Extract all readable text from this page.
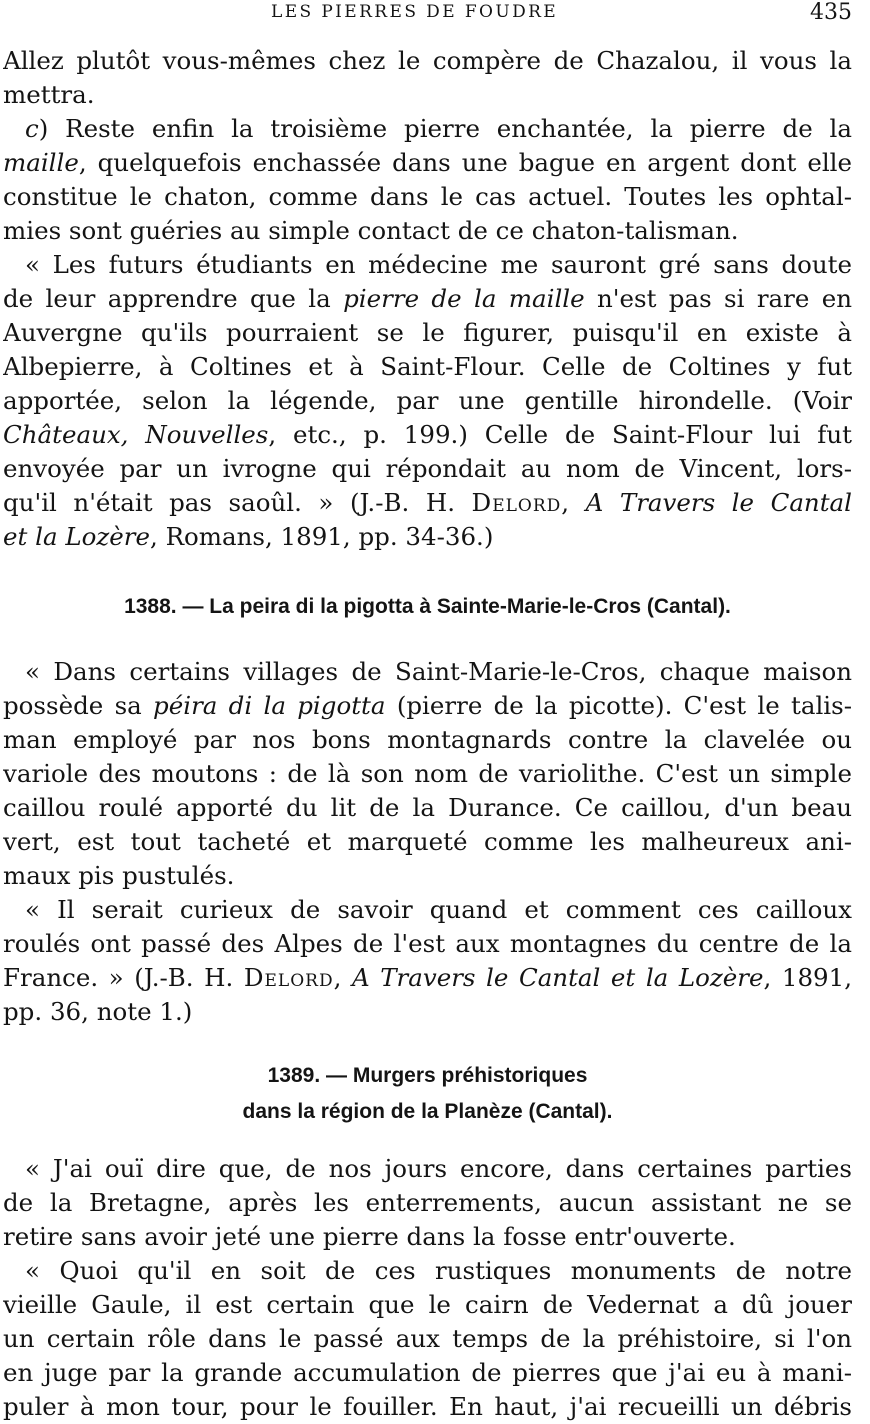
LES PIERRES DE FOUDRE	435
Allez plutôt vous-mêmes chez le compère de Chazalou, il vous la
mettra.
c) Reste enfin la troisième pierre enchantée, la pierre de la
maille, quelquefois enchassée dans une bague en argent dont elle
constitue le chaton, comme dans le cas actuel. Toutes les ophtal-
mies sont guéries au simple contact de ce chaton-talisman.
« Les futurs étudiants en médecine me sauront gré sans doute
de leur apprendre que la pierre de la maille n'est pas si rare en
Auvergne qu'ils pourraient se le figurer, puisqu'il en existe à
Albepierre, à Coltines et à Saint-Flour. Celle de Coltines y fut
apportée, selon la légende, par une gentille hirondelle. (Voir
Châteaux, Nouvelles, etc., p. 199.) Celle de Saint-Flour lui fut
envoyée par un ivrogne qui répondait au nom de Vincent, lors-
qu'il n'était pas saoûl. » (J.-B. H. Delord, A Travers le Cantal
et la Lozère, Romans, 1891, pp. 34-36.)
1388. — La peira di la pigotta à Sainte-Marie-le-Cros (Cantal).
« Dans certains villages de Saint-Marie-le-Cros, chaque maison
possède sa péira di la pigotta (pierre de la picotte). C'est le talis-
man employé par nos bons montagnards contre la clavelée ou
variole des moutons : de là son nom de variolithe. C'est un simple
caillou roulé apporté du lit de la Durance. Ce caillou, d'un beau
vert, est tout tacheté et marqueté comme les malheureux ani-
maux pis pustulés.
« Il serait curieux de savoir quand et comment ces cailloux
roulés ont passé des Alpes de l'est aux montagnes du centre de la
France. » (J.-B. H. Delord, A Travers le Cantal et la Lozère, 1891,
pp. 36, note 1.)
1389. — Murgers préhistoriques
dans la région de la Planèze (Cantal).
« J'ai ouï dire que, de nos jours encore, dans certaines parties
de la Bretagne, après les enterrements, aucun assistant ne se
retire sans avoir jeté une pierre dans la fosse entr'ouverte.
« Quoi qu'il en soit de ces rustiques monuments de notre
vieille Gaule, il est certain que le cairn de Vedernat a dû jouer
un certain rôle dans le passé aux temps de la préhistoire, si l'on
en juge par la grande accumulation de pierres que j'ai eu à mani-
puler à mon tour, pour le fouiller. En haut, j'ai recueilli un débris
